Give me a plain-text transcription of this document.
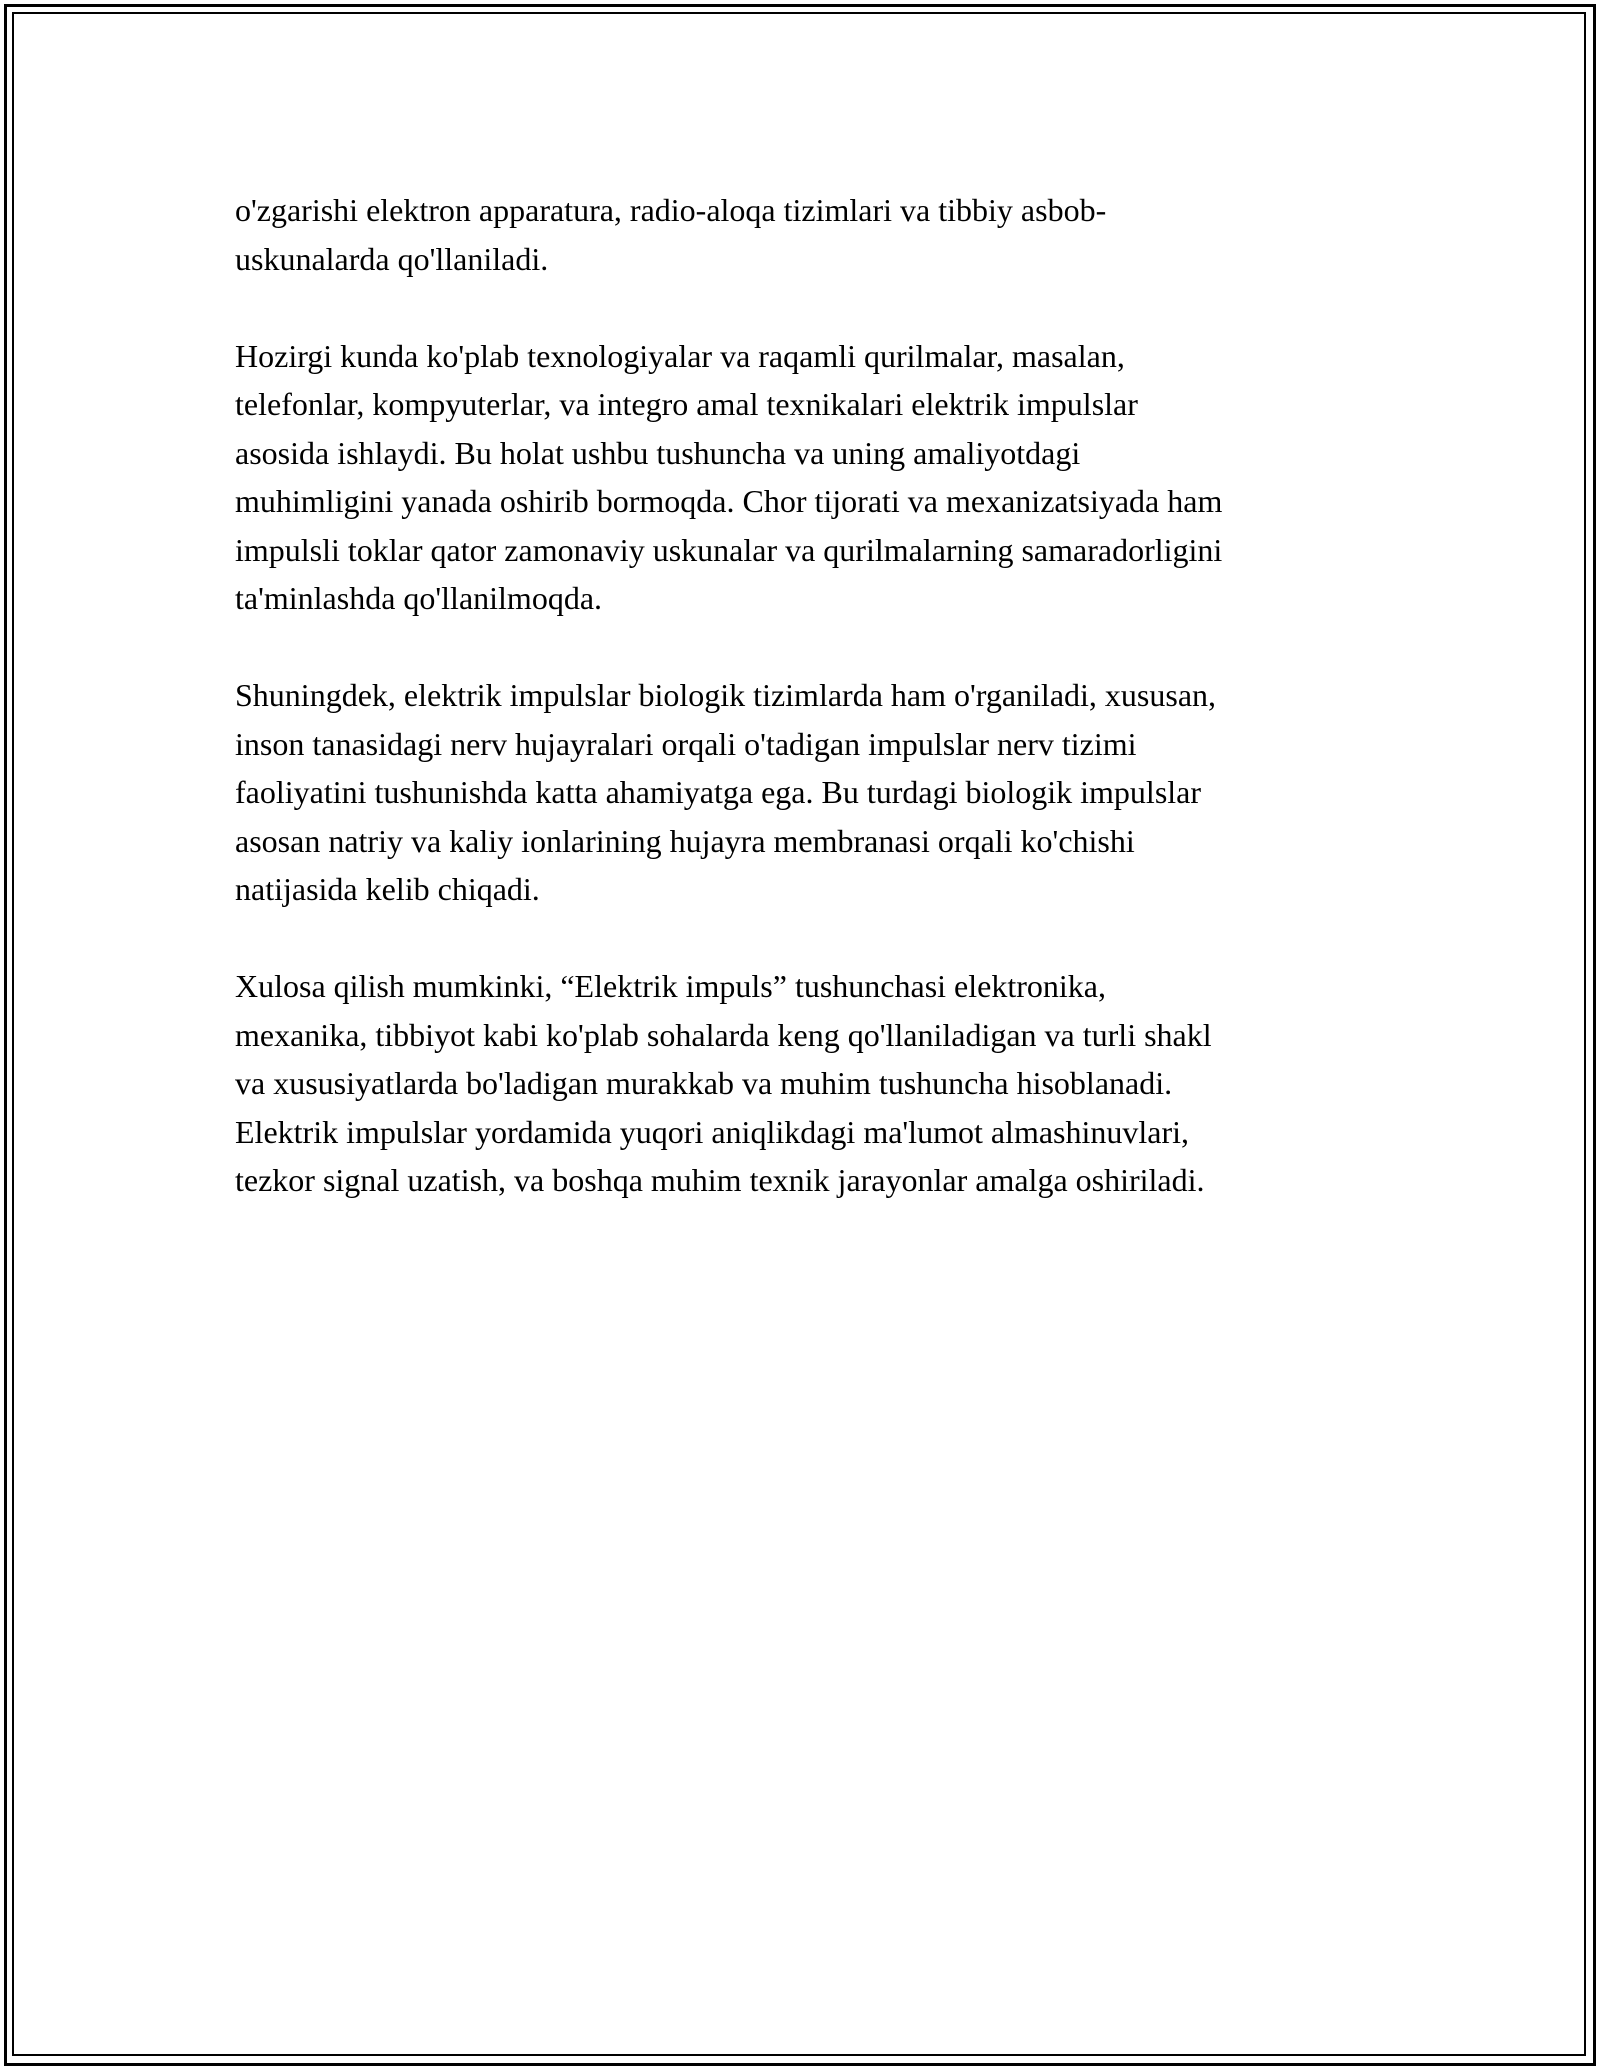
o'zgarishi elektron apparatura, radio-aloqa tizimlari va tibbiy asbob-
uskunalarda qo'llaniladi.

Hozirgi kunda ko'plab texnologiyalar va raqamli qurilmalar, masalan,
telefonlar, kompyuterlar, va integro amal texnikalari elektrik impulslar
asosida ishlaydi. Bu holat ushbu tushuncha va uning amaliyotdagi
muhimligini yanada oshirib bormoqda. Chor tijorati va mexanizatsiyada ham
impulsli toklar qator zamonaviy uskunalar va qurilmalarning samaradorligini
ta'minlashda qo'llanilmoqda.

Shuningdek, elektrik impulslar biologik tizimlarda ham o'rganiladi, xususan,
inson tanasidagi nerv hujayralari orqali o'tadigan impulslar nerv tizimi
faoliyatini tushunishda katta ahamiyatga ega. Bu turdagi biologik impulslar
asosan natriy va kaliy ionlarining hujayra membranasi orqali ko'chishi
natijasida kelib chiqadi.

Xulosa qilish mumkinki, “Elektrik impuls” tushunchasi elektronika,
mexanika, tibbiyot kabi ko'plab sohalarda keng qo'llaniladigan va turli shakl
va xususiyatlarda bo'ladigan murakkab va muhim tushuncha hisoblanadi.
Elektrik impulslar yordamida yuqori aniqlikdagi ma'lumot almashinuvlari,
tezkor signal uzatish, va boshqa muhim texnik jarayonlar amalga oshiriladi.
